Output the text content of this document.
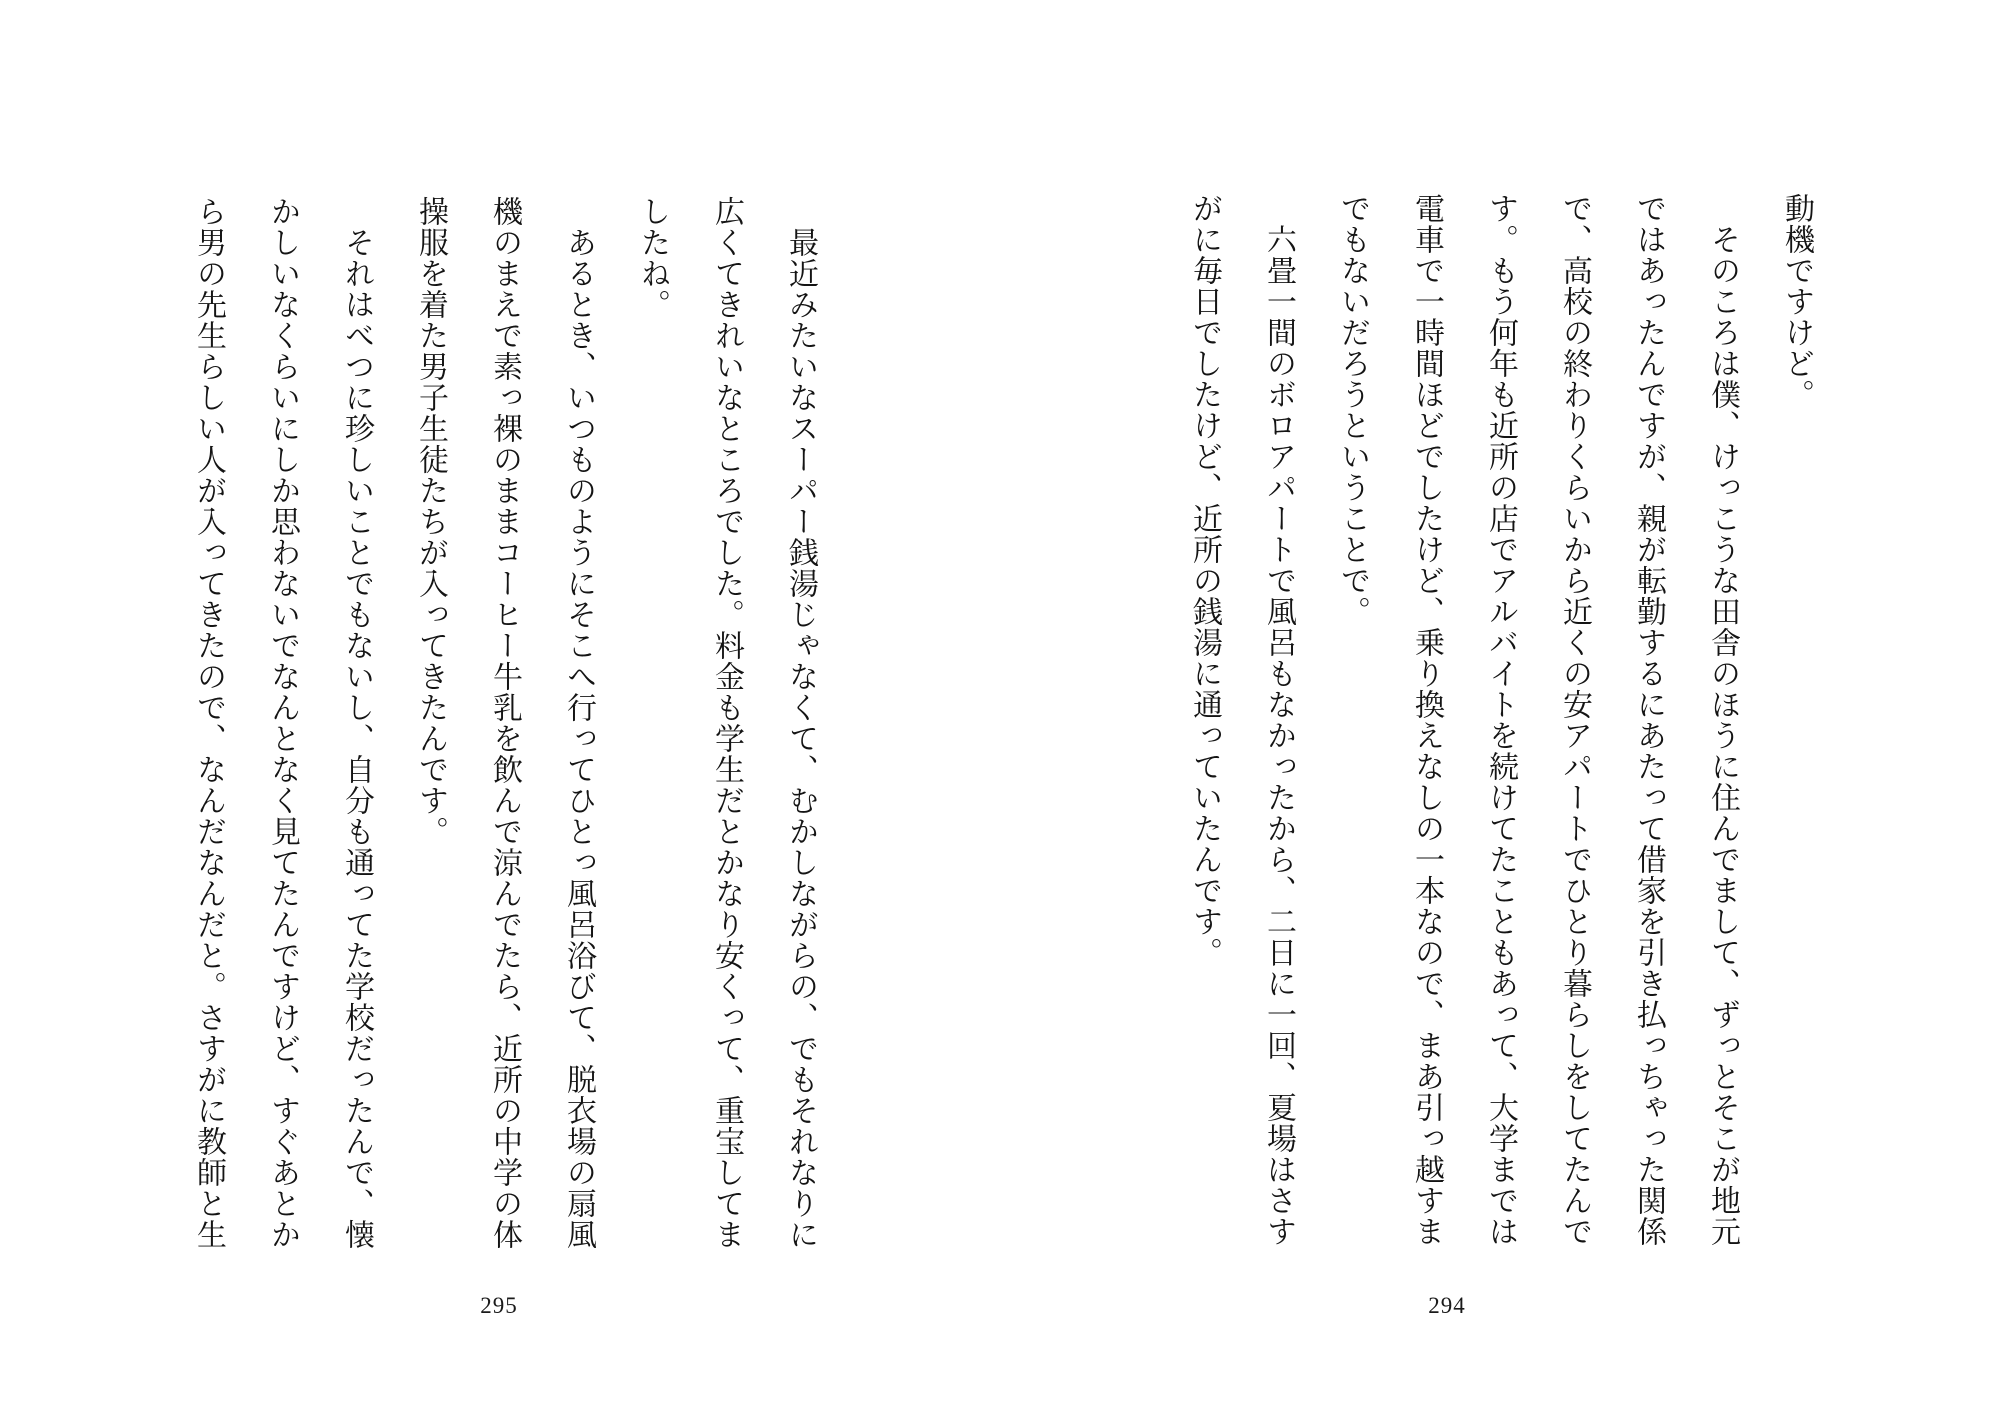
動機ですけど。
そのころは僕、けっこうな田舎のほうに住んでまして、ずっとそこが地元
ではあったんですが、親が転勤するにあたって借家を引き払っちゃった関係
で、高校の終わりくらいから近くの安アパートでひとり暮らしをしてたんで
す。もう何年も近所の店でアルバイトを続けてたこともあって、大学までは
電車で一時間ほどでしたけど、乗り換えなしの一本なので、まあ引っ越すま
でもないだろうということで。
六畳一間のボロアパートで風呂もなかったから、二日に一回、夏場はさす
がに毎日でしたけど、近所の銭湯に通っていたんです。
最近みたいなスーパー銭湯じゃなくて、むかしながらの、でもそれなりに
広くてきれいなところでした。料金も学生だとかなり安くって、重宝してま
したね。
あるとき、いつものようにそこへ行ってひとっ風呂浴びて、脱衣場の扇風
機のまえで素っ裸のままコーヒー牛乳を飲んで涼んでたら、近所の中学の体
操服を着た男子生徒たちが入ってきたんです。
それはべつに珍しいことでもないし、自分も通ってた学校だったんで、懐
かしいなくらいにしか思わないでなんとなく見てたんですけど、すぐあとか
ら男の先生らしい人が入ってきたので、なんだなんだと。さすがに教師と生
294
295
